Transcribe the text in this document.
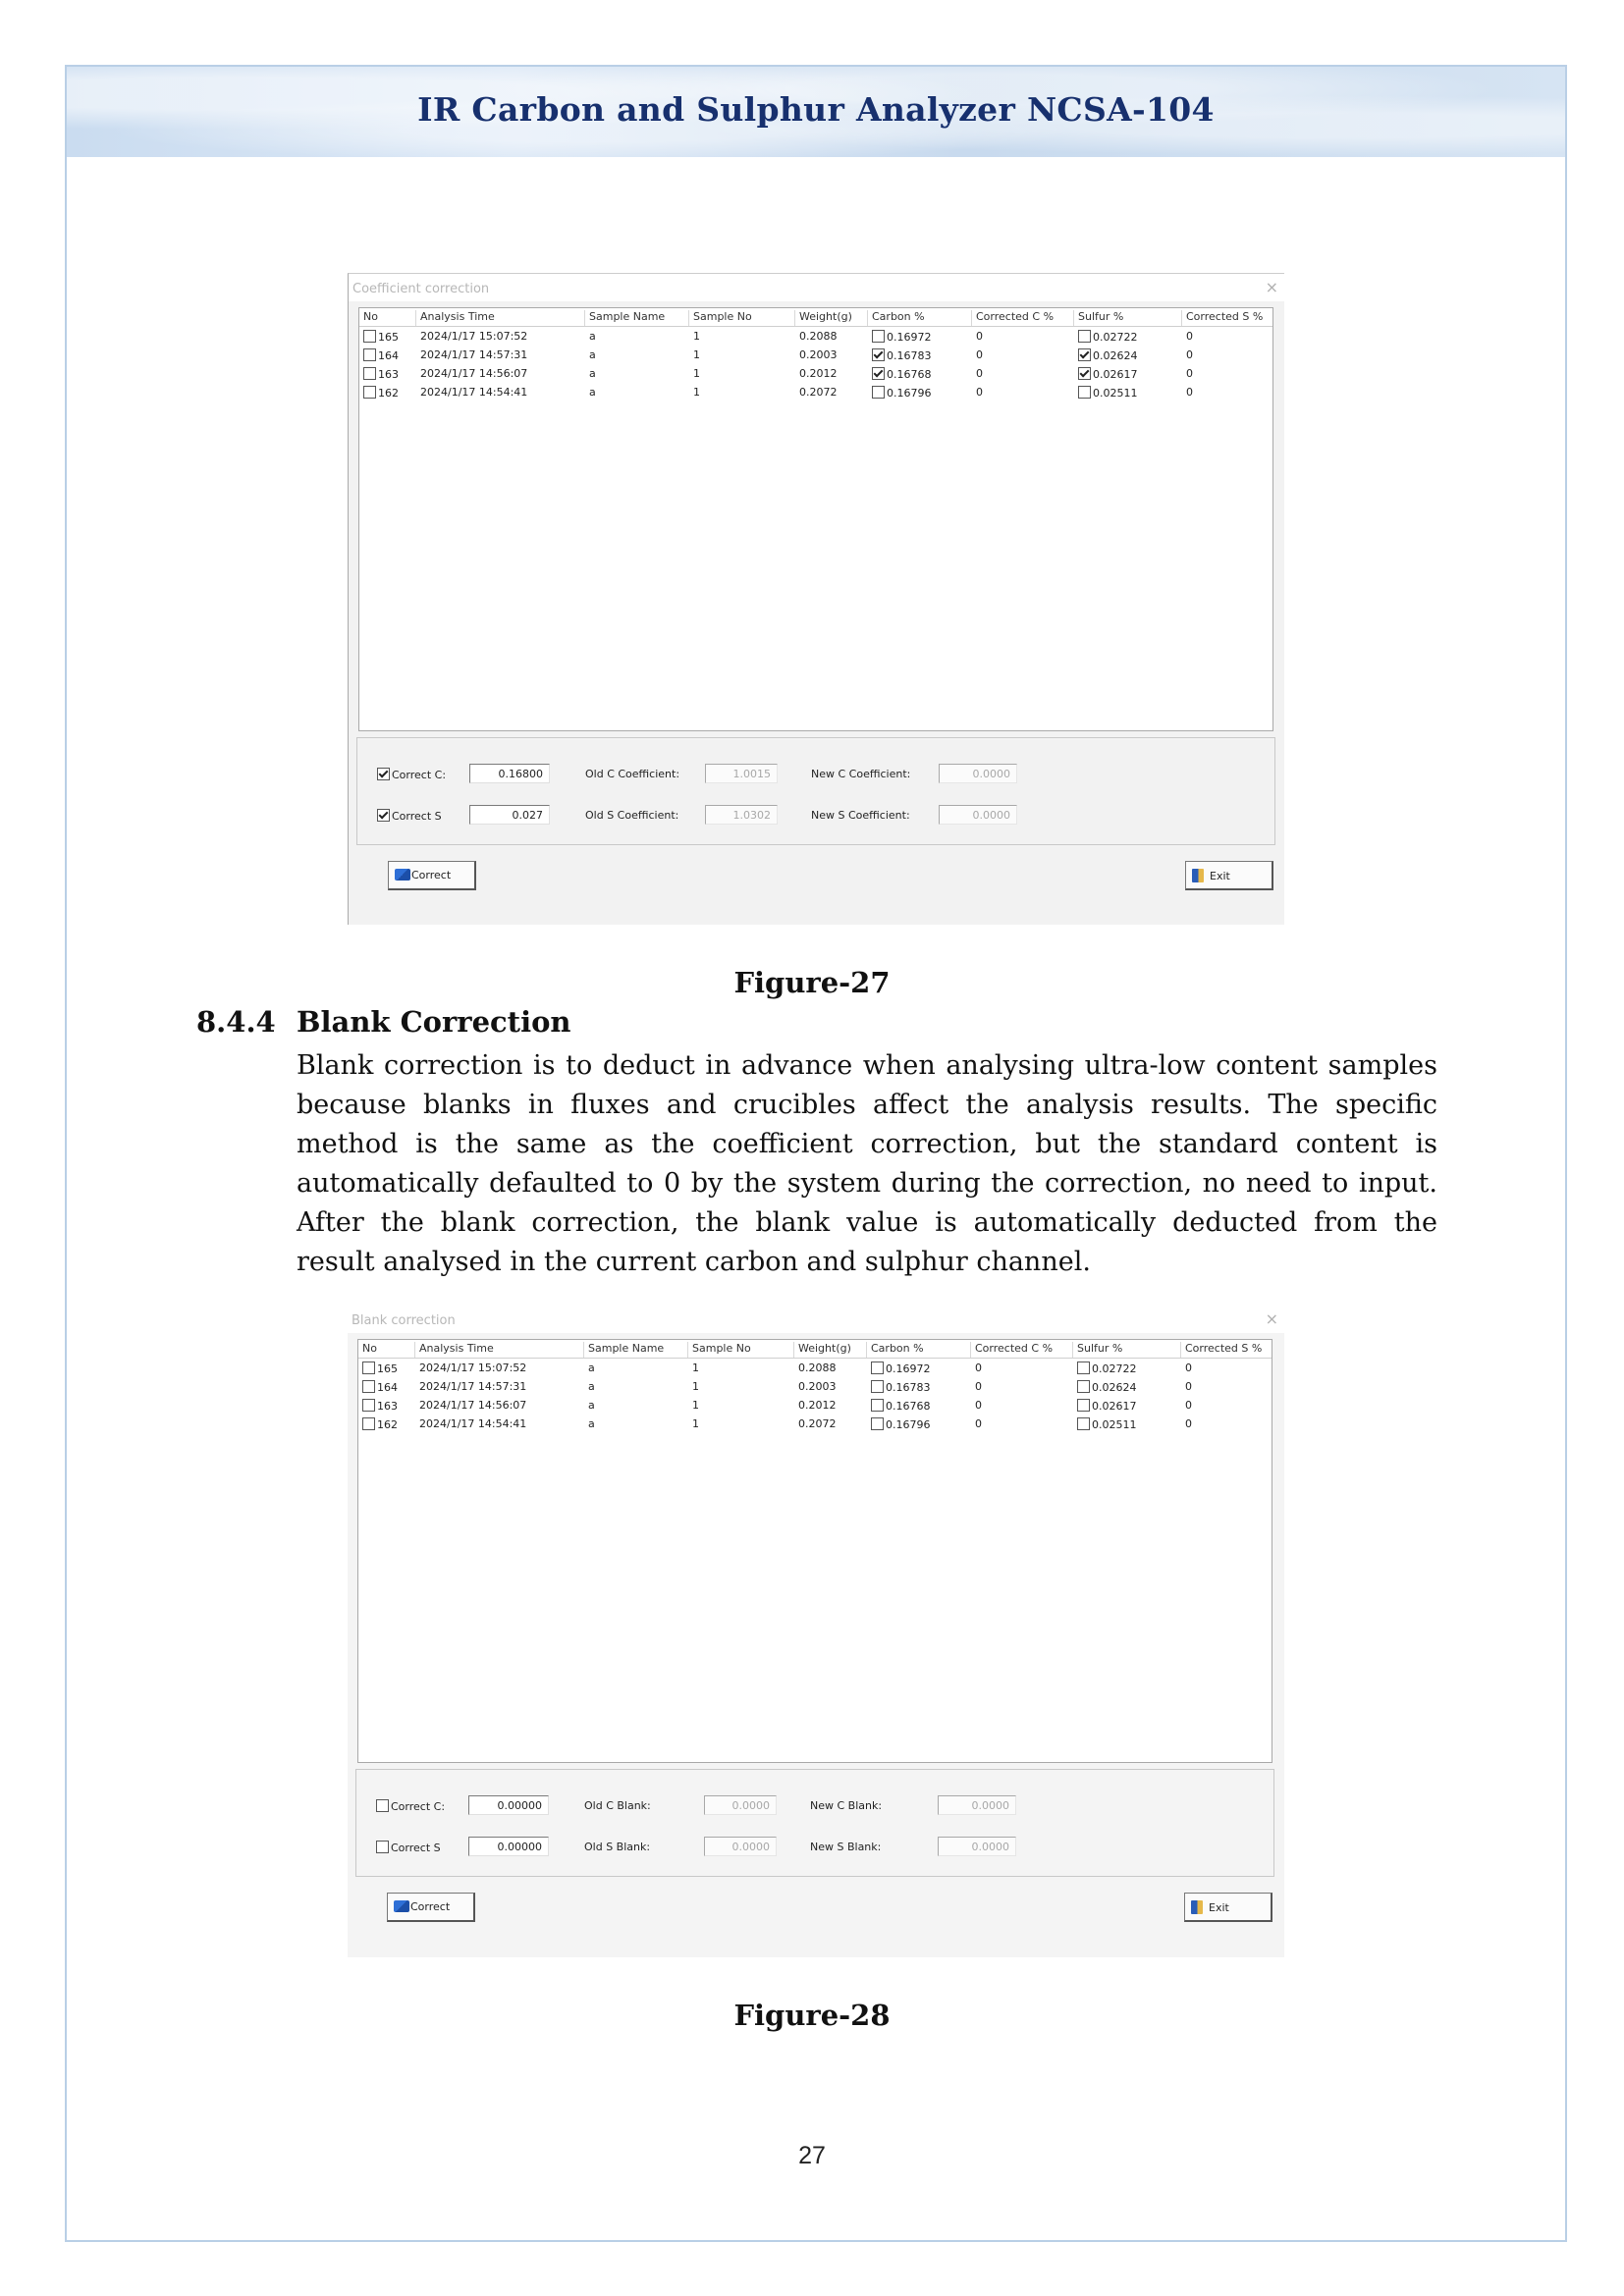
IR Carbon and Sulphur Analyzer NCSA-104
Coefficient correction	×
No	Analysis Time	Sample Name	Sample No	Weight(g)	Carbon %	Corrected C %	Sulfur %	Corrected S %
165 2024/1/17 15:07:52	a	1	0.2088	0.16972	0	0.02722	0
164 2024/1/17 14:57:31	a	1	0.2003	0.16783	0	0.02624	0
163 2024/1/17 14:56:07	a	1	0.2012	0.16768	0	0.02617	0
162 2024/1/17 14:54:41	a	1	0.2072	0.16796	0	0.02511	0
Correct C:	0.16800	Old C Coefficient:	1.0015	New C Coefficient:	0.0000
Correct S	0.027	Old S Coefficient:	1.0302	New S Coefficient:	0.0000
Correct	Exit
Figure-27
8.4.4 Blank Correction
Blank correction is to deduct in advance when analysing ultra-low content samples
because blanks in fluxes and crucibles affect the analysis results. The specific
method is the same as the coefficient correction, but the standard content is
automatically defaulted to 0 by the system during the correction, no need to input.
After the blank correction, the blank value is automatically deducted from the
result analysed in the current carbon and sulphur channel.
Blank correction	×
No	Analysis Time	Sample Name	Sample No	Weight(g)	Carbon %	Corrected C %	Sulfur %	Corrected S %
165 2024/1/17 15:07:52	a	1	0.2088	0.16972	0	0.02722	0
164 2024/1/17 14:57:31	a	1	0.2003	0.16783	0	0.02624	0
163 2024/1/17 14:56:07	a	1	0.2012	0.16768	0	0.02617	0
162 2024/1/17 14:54:41	a	1	0.2072	0.16796	0	0.02511	0
Correct C:	0.00000	Old C Blank:	0.0000	New C Blank:	0.0000
Correct S	0.00000	Old S Blank:	0.0000	New S Blank:	0.0000
Correct	Exit
Figure-28
27
